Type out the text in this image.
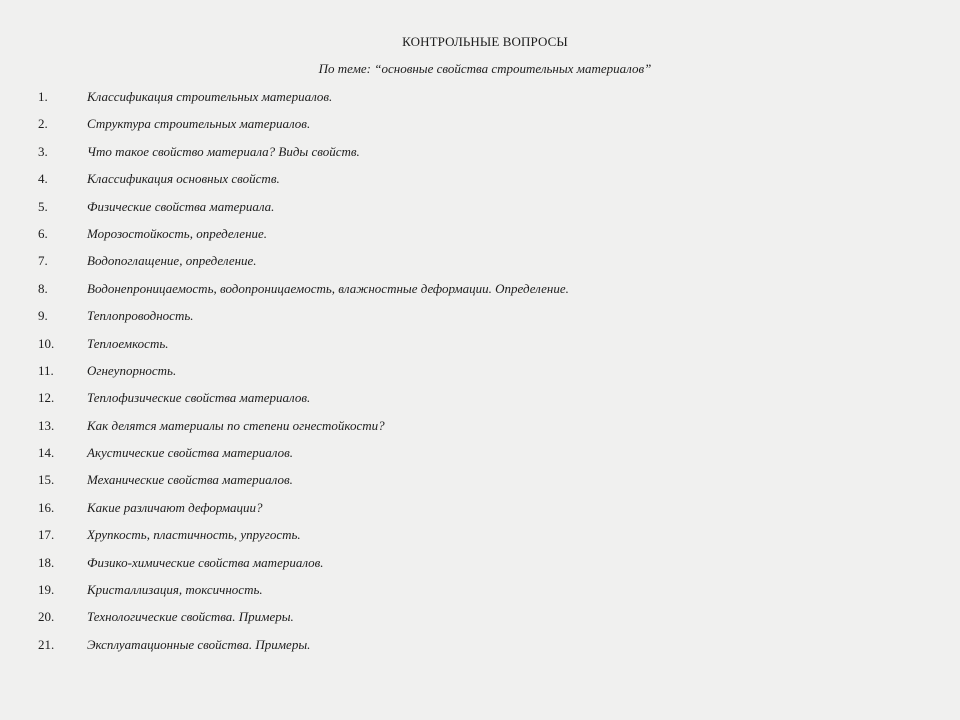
КОНТРОЛЬНЫЕ ВОПРОСЫ
По теме: “основные свойства строительных материалов”
1.	Классификация строительных материалов.
2.	Структура строительных материалов.
3.	Что такое свойство материала? Виды свойств.
4.	Классификация основных свойств.
5.	Физические свойства материала.
6.	Морозостойкость, определение.
7.	Водопоглащение, определение.
8.	Водонепроницаемость, водопроницаемость, влажностные деформации. Определение.
9.	Теплопроводность.
10.	Теплоемкость.
11.	Огнеупорность.
12.	Теплофизические свойства материалов.
13.	Как делятся материалы по степени огнестойкости?
14.	Акустические свойства материалов.
15.	Механические свойства материалов.
16.	Какие различают деформации?
17.	Хрупкость, пластичность, упругость.
18.	Физико-химические свойства материалов.
19.	Кристаллизация, токсичность.
20.	Технологические свойства. Примеры.
21.	Эксплуатационные свойства. Примеры.
